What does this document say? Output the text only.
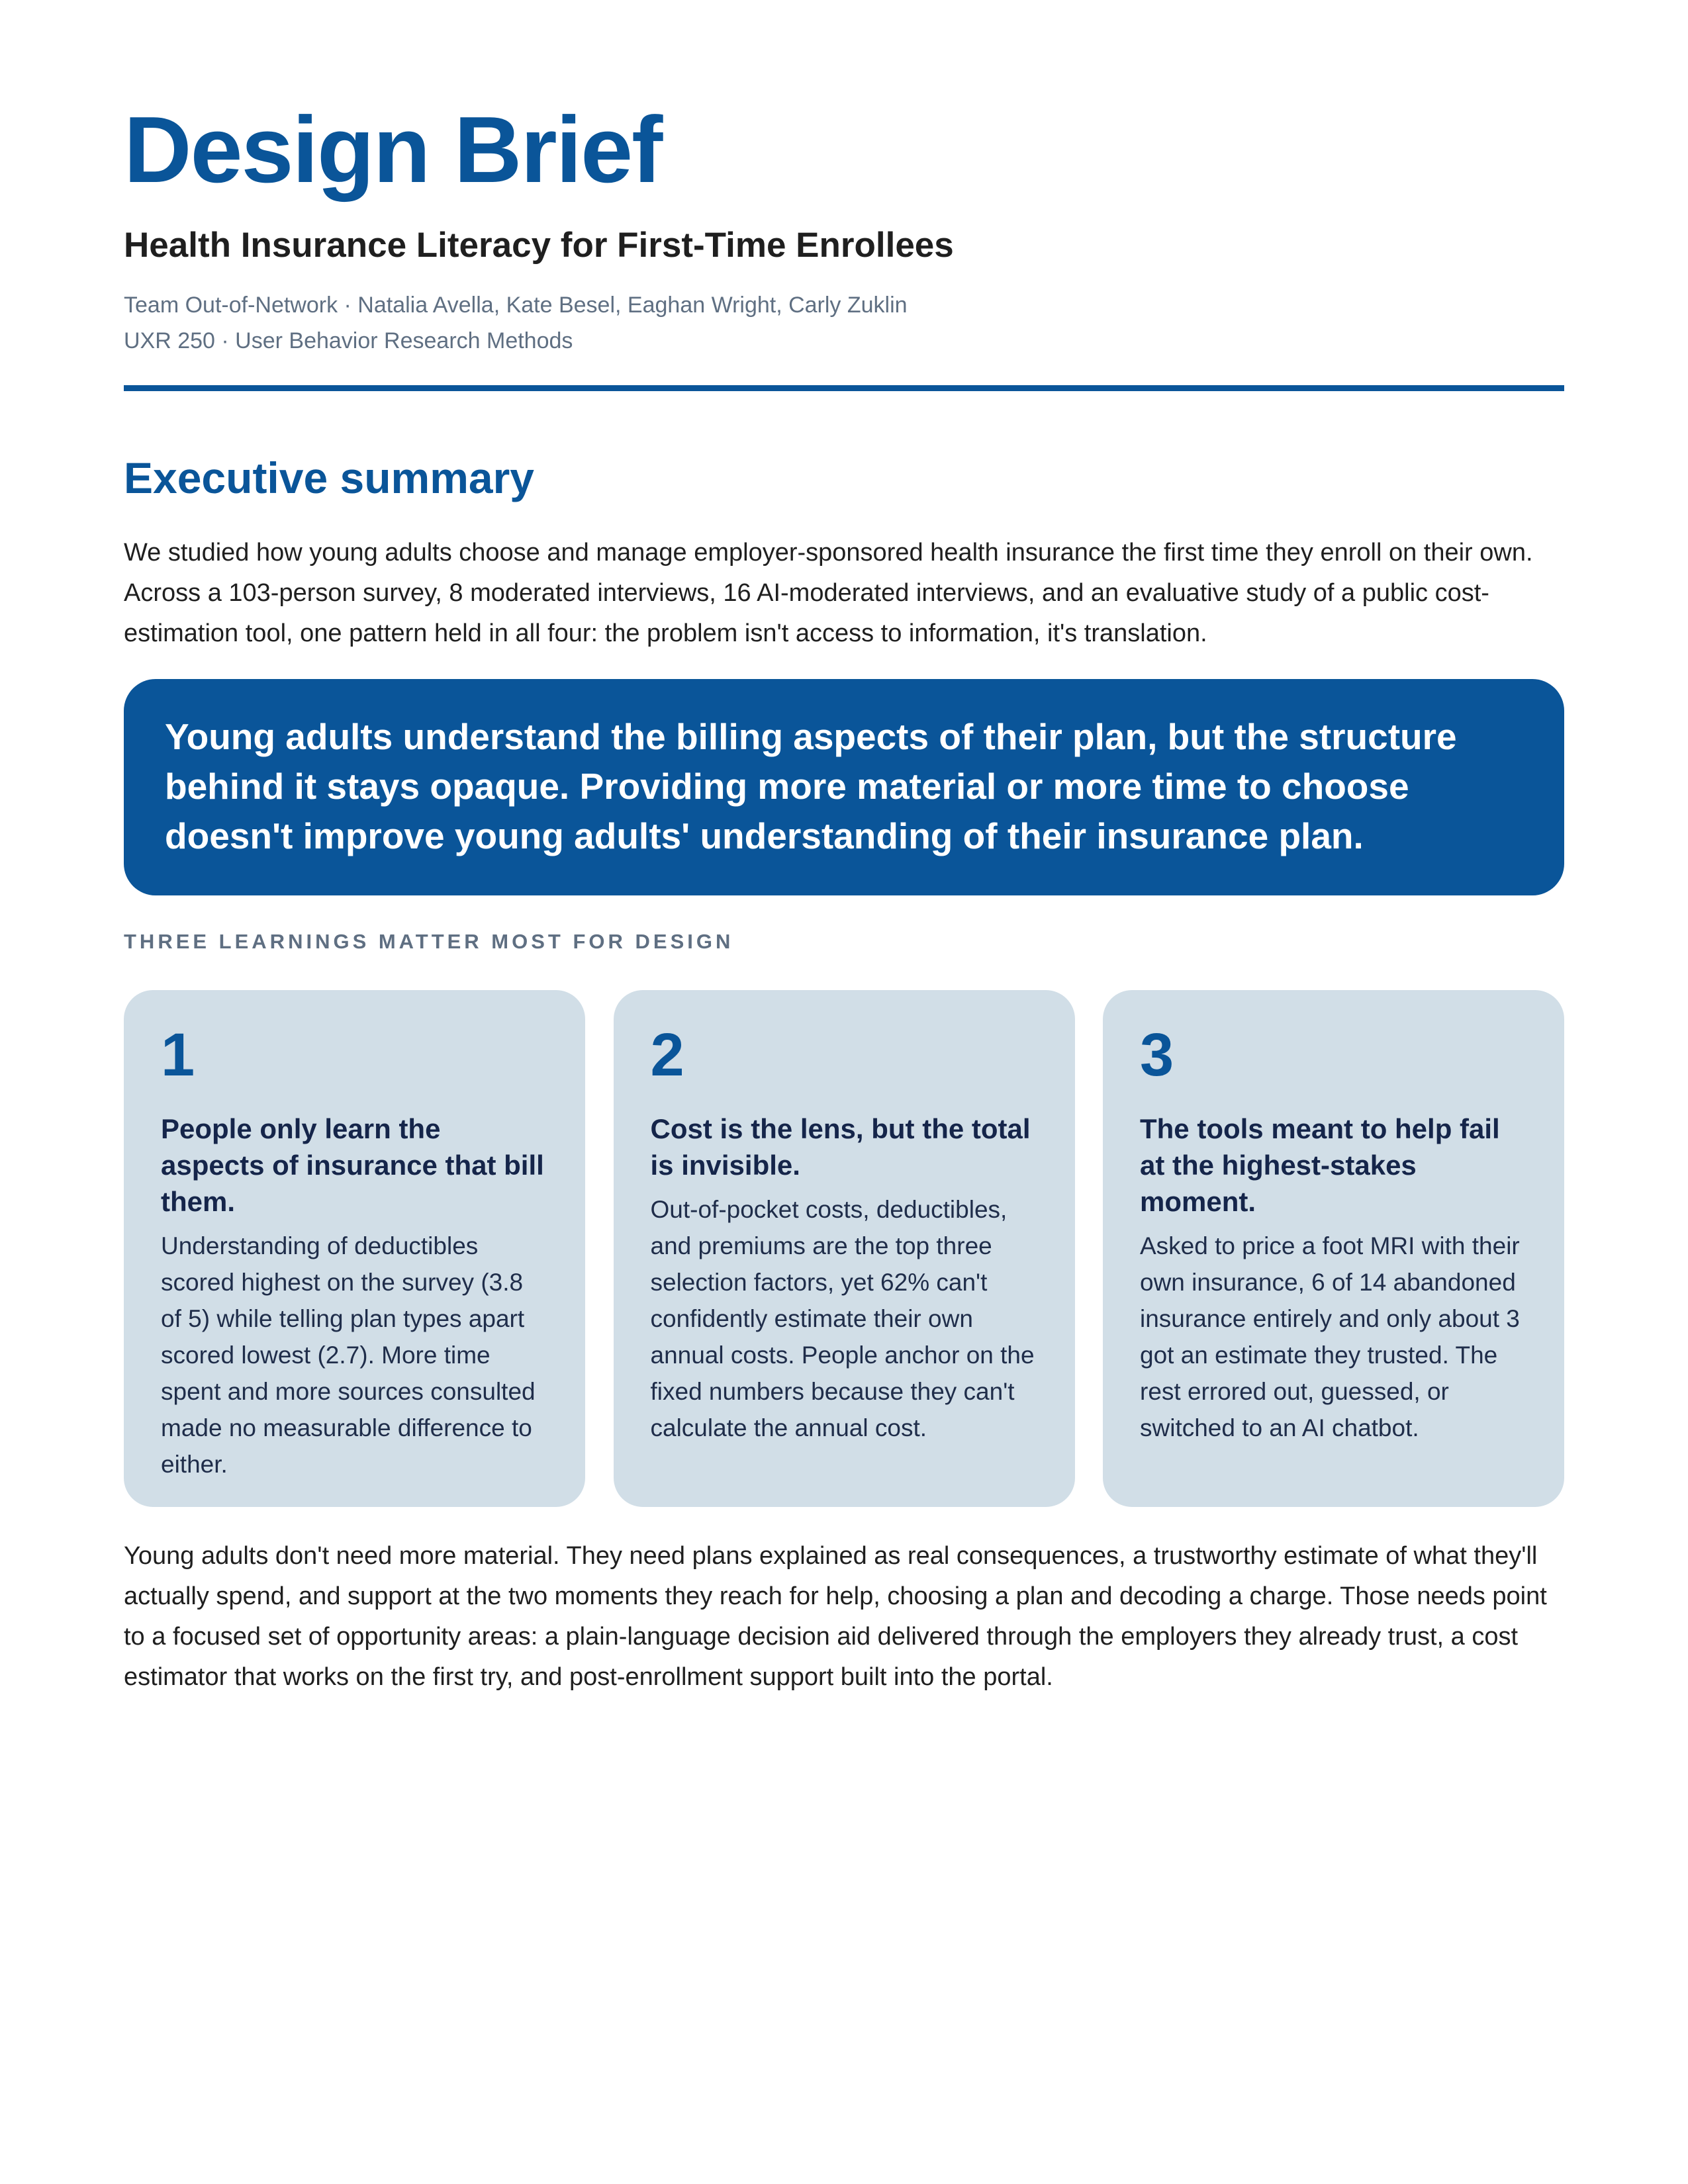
Design Brief
Health Insurance Literacy for First-Time Enrollees
Team Out-of-Network · Natalia Avella, Kate Besel, Eaghan Wright, Carly Zuklin
UXR 250 · User Behavior Research Methods
Executive summary

We studied how young adults choose and manage employer-sponsored health insurance the first time they enroll on their own. Across a 103-person survey, 8 moderated interviews, 16 AI-moderated interviews, and an evaluative study of a public cost-estimation tool, one pattern held in all four: the problem isn't access to information, it's translation.

Young adults understand the billing aspects of their plan, but the structure behind it stays opaque. Providing more material or more time to choose doesn't improve young adults' understanding of their insurance plan.
THREE LEARNINGS MATTER MOST FOR DESIGN
1
People only learn the aspects of insurance that bill them.
Understanding of deductibles scored highest on the survey (3.8 of 5) while telling plan types apart scored lowest (2.7). More time spent and more sources consulted made no measurable difference to either.
2
Cost is the lens, but the total is invisible.
Out-of-pocket costs, deductibles, and premiums are the top three selection factors, yet 62% can't confidently estimate their own annual costs. People anchor on the fixed numbers because they can't calculate the annual cost.
3
The tools meant to help fail at the highest-stakes moment.
Asked to price a foot MRI with their own insurance, 6 of 14 abandoned insurance entirely and only about 3 got an estimate they trusted. The rest errored out, guessed, or switched to an AI chatbot.

Young adults don't need more material. They need plans explained as real consequences, a trustworthy estimate of what they'll actually spend, and support at the two moments they reach for help, choosing a plan and decoding a charge. Those needs point to a focused set of opportunity areas: a plain-language decision aid delivered through the employers they already trust, a cost estimator that works on the first try, and post-enrollment support built into the portal.
